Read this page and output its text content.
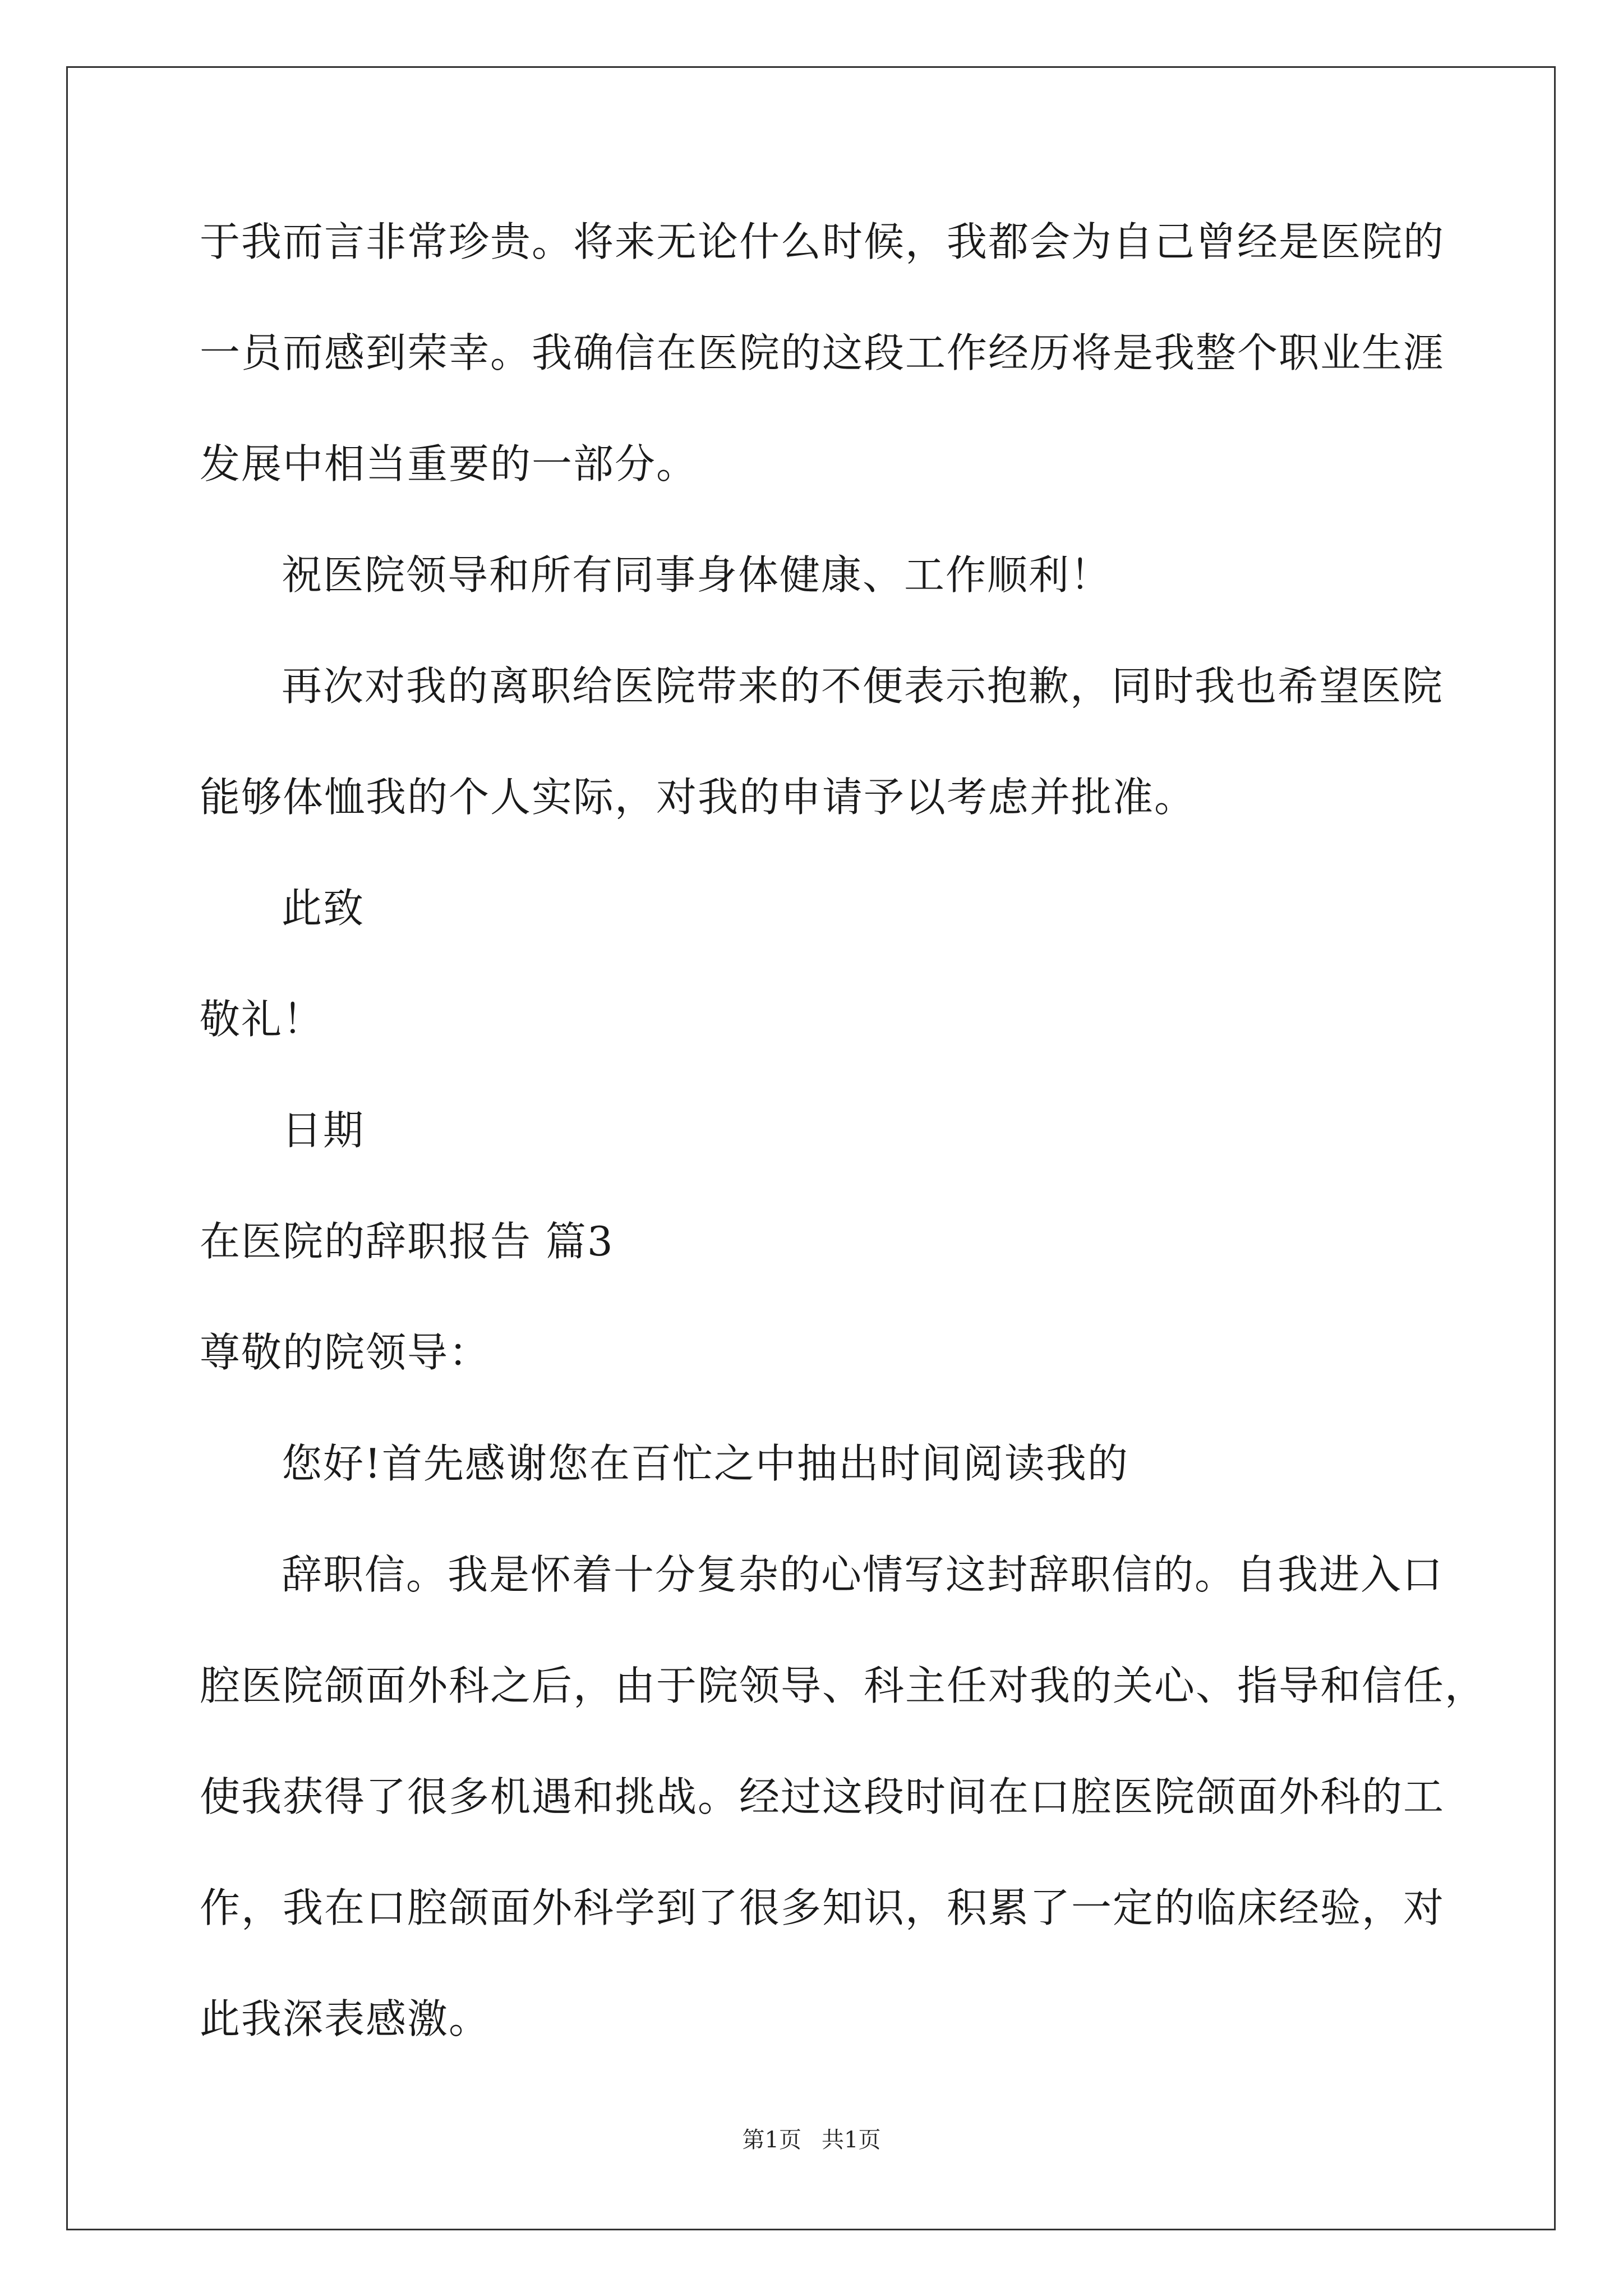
于我而言非常珍贵。将来无论什么时候，我都会为自己曾经是医院的
一员而感到荣幸。我确信在医院的这段工作经历将是我整个职业生涯
发展中相当重要的一部分。
祝医院领导和所有同事身体健康、工作顺利！
再次对我的离职给医院带来的不便表示抱歉，同时我也希望医院
能够体恤我的个人实际，对我的申请予以考虑并批准。
此致
敬礼！
日期
在医院的辞职报告 篇3
尊敬的院领导：
您好!首先感谢您在百忙之中抽出时间阅读我的
辞职信。我是怀着十分复杂的心情写这封辞职信的。自我进入口
腔医院颌面外科之后，由于院领导、科主任对我的关心、指导和信任，
使我获得了很多机遇和挑战。经过这段时间在口腔医院颌面外科的工
作，我在口腔颌面外科学到了很多知识，积累了一定的临床经验，对
此我深表感激。
第1页 共1页
